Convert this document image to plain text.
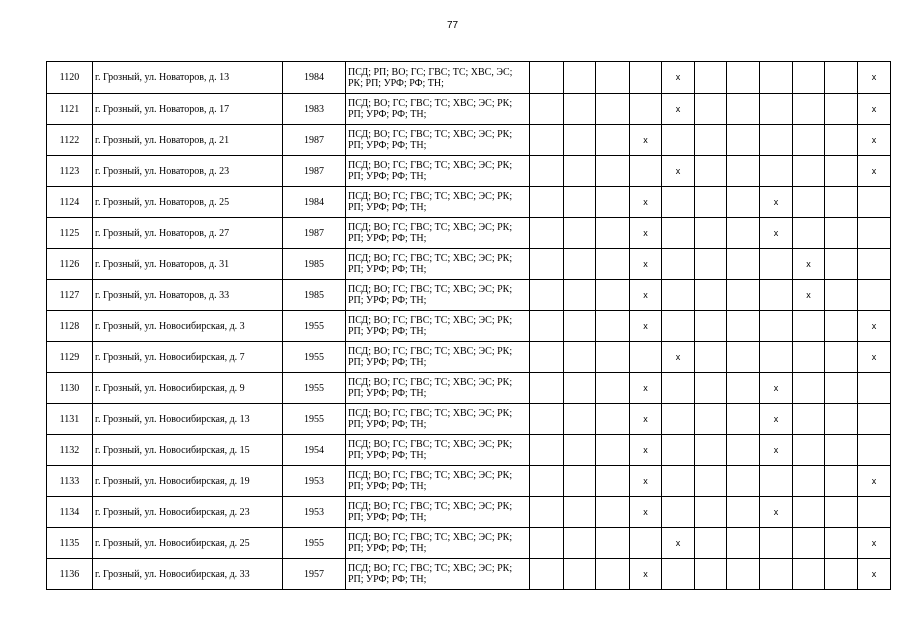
77
1120	г. Грозный, ул. Новаторов, д. 13	1984	ПСД; РП; ВО; ГС; ГВС; ТС; ХВС, ЭС; РК; РП; УРФ; РФ; ТН;					x						x
1121	г. Грозный, ул. Новаторов, д. 17	1983	ПСД; ВО; ГС; ГВС; ТС; ХВС; ЭС; РК; РП; УРФ; РФ; ТН;					x						x
1122	г. Грозный, ул. Новаторов, д. 21	1987	ПСД; ВО; ГС; ГВС; ТС; ХВС; ЭС; РК; РП; УРФ; РФ; ТН;				x							x
1123	г. Грозный, ул. Новаторов, д. 23	1987	ПСД; ВО; ГС; ГВС; ТС; ХВС; ЭС; РК; РП; УРФ; РФ; ТН;					x						x
1124	г. Грозный, ул. Новаторов, д. 25	1984	ПСД; ВО; ГС; ГВС; ТС; ХВС; ЭС; РК; РП; УРФ; РФ; ТН;				x				x			
1125	г. Грозный, ул. Новаторов, д. 27	1987	ПСД; ВО; ГС; ГВС; ТС; ХВС; ЭС; РК; РП; УРФ; РФ; ТН;				x				x			
1126	г. Грозный, ул. Новаторов, д. 31	1985	ПСД; ВО; ГС; ГВС; ТС; ХВС; ЭС; РК; РП; УРФ; РФ; ТН;				x					x		
1127	г. Грозный, ул. Новаторов, д. 33	1985	ПСД; ВО; ГС; ГВС; ТС; ХВС; ЭС; РК; РП; УРФ; РФ; ТН;				x					x		
1128	г. Грозный, ул. Новосибирская, д. 3	1955	ПСД; ВО; ГС; ГВС; ТС; ХВС; ЭС; РК; РП; УРФ; РФ; ТН;				x							x
1129	г. Грозный, ул. Новосибирская, д. 7	1955	ПСД; ВО; ГС; ГВС; ТС; ХВС; ЭС; РК; РП; УРФ; РФ; ТН;					x						x
1130	г. Грозный, ул. Новосибирская, д. 9	1955	ПСД; ВО; ГС; ГВС; ТС; ХВС; ЭС; РК; РП; УРФ; РФ; ТН;				x				x			
1131	г. Грозный, ул. Новосибирская, д. 13	1955	ПСД; ВО; ГС; ГВС; ТС; ХВС; ЭС; РК; РП; УРФ; РФ; ТН;				x				x			
1132	г. Грозный, ул. Новосибирская, д. 15	1954	ПСД; ВО; ГС; ГВС; ТС; ХВС; ЭС; РК; РП; УРФ; РФ; ТН;				x				x			
1133	г. Грозный, ул. Новосибирская, д. 19	1953	ПСД; ВО; ГС; ГВС; ТС; ХВС; ЭС; РК; РП; УРФ; РФ; ТН;				x							x
1134	г. Грозный, ул. Новосибирская, д. 23	1953	ПСД; ВО; ГС; ГВС; ТС; ХВС; ЭС; РК; РП; УРФ; РФ; ТН;				x				x			
1135	г. Грозный, ул. Новосибирская, д. 25	1955	ПСД; ВО; ГС; ГВС; ТС; ХВС; ЭС; РК; РП; УРФ; РФ; ТН;					x						x
1136	г. Грозный, ул. Новосибирская, д. 33	1957	ПСД; ВО; ГС; ГВС; ТС; ХВС; ЭС; РК; РП; УРФ; РФ; ТН;				x							x
